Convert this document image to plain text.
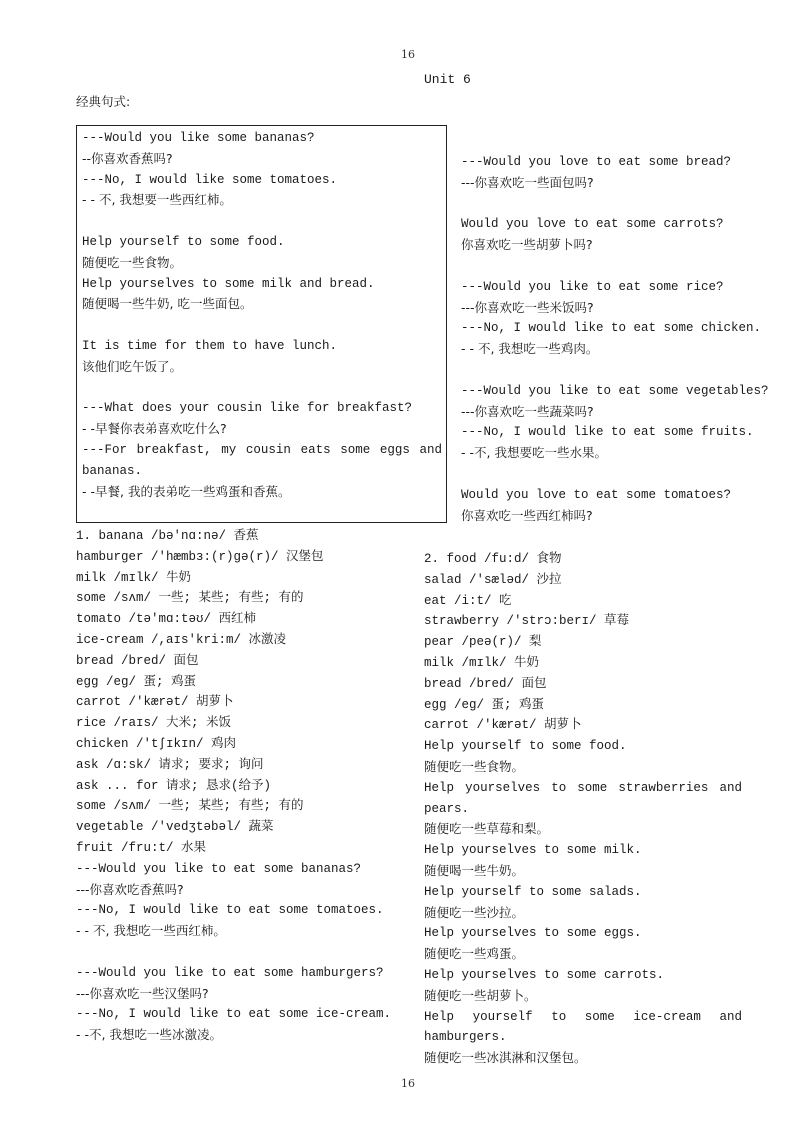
16
Unit 6
经典句式:
---Would you like some bananas?
--你喜欢香蕉吗?
---No, I would like some tomatoes.
- - 不, 我想要一些西红柿。
Help yourself to some food.
随便吃一些食物。
Help yourselves to some milk and bread.
随便喝一些牛奶, 吃一些面包。
It is time for them to have lunch.
该他们吃午饭了。
---What does your cousin like for breakfast?
- -早餐你表弟喜欢吃什么?
---For breakfast, my cousin eats some eggs and
bananas.
- -早餐, 我的表弟吃一些鸡蛋和香蕉。
---Would you love to eat some bread?
---你喜欢吃一些面包吗?
Would you love to eat some carrots?
你喜欢吃一些胡萝卜吗?
---Would you like to eat some rice?
---你喜欢吃一些米饭吗?
---No, I would like to eat some chicken.
- - 不, 我想吃一些鸡肉。
---Would you like to eat some vegetables?
---你喜欢吃一些蔬菜吗?
---No, I would like to eat some fruits.
- -不, 我想要吃一些水果。
Would you love to eat some tomatoes?
你喜欢吃一些西红柿吗?
1. banana /bə'nɑ:nə/ 香蕉
hamburger /'hæmbɜ:(r)gə(r)/ 汉堡包
milk /mɪlk/ 牛奶
some /sʌm/ 一些; 某些; 有些; 有的
tomato /tə'mɑ:təʊ/ 西红柿
ice-cream /,aɪs'kri:m/ 冰激凌
bread /bred/ 面包
egg /eg/ 蛋; 鸡蛋
carrot /'kærət/ 胡萝卜
rice /raɪs/ 大米; 米饭
chicken /'tʃɪkɪn/ 鸡肉
ask /ɑ:sk/ 请求; 要求; 询问
ask ... for 请求; 恳求(给予)
some /sʌm/ 一些; 某些; 有些; 有的
vegetable /'vedʒtəbəl/ 蔬菜
fruit /fru:t/ 水果
---Would you like to eat some bananas?
---你喜欢吃香蕉吗?
---No, I would like to eat some tomatoes.
- - 不, 我想吃一些西红柿。
---Would you like to eat some hamburgers?
---你喜欢吃一些汉堡吗?
---No, I would like to eat some ice-cream.
- -不, 我想吃一些冰激凌。
2. food /fu:d/ 食物
salad /'sæləd/ 沙拉
eat /i:t/ 吃
strawberry /'strɔ:berɪ/ 草莓
pear /peə(r)/ 梨
milk /mɪlk/ 牛奶
bread /bred/ 面包
egg /eg/ 蛋; 鸡蛋
carrot /'kærət/ 胡萝卜
Help yourself to some food.
随便吃一些食物。
Help yourselves to some strawberries and
pears.
随便吃一些草莓和梨。
Help yourselves to some milk.
随便喝一些牛奶。
Help yourself to some salads.
随便吃一些沙拉。
Help yourselves to some eggs.
随便吃一些鸡蛋。
Help yourselves to some carrots.
随便吃一些胡萝卜。
Help yourself to some ice-cream and
hamburgers.
随便吃一些冰淇淋和汉堡包。
16
